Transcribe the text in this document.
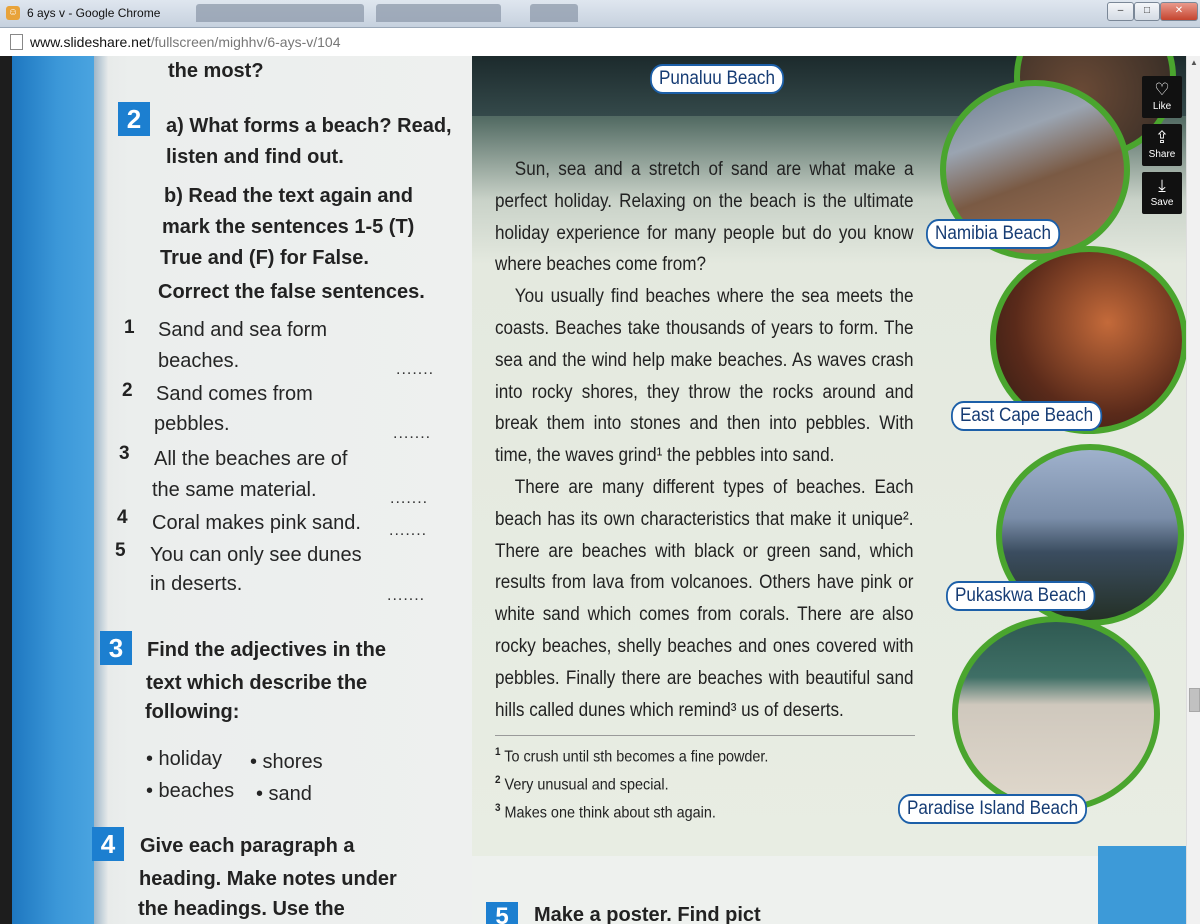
☺ 6 ays v - Google Chrome	–	□	✕
www.slideshare.net/fullscreen/mighhv/6-ays-v/104
the most?
2	a) What forms a beach? Read,
listen and find out.
b) Read the text again and
mark the sentences 1-5 (T)
True and (F) for False.
Correct the false sentences.
1 Sand and sea form
beaches.	.......
2 Sand comes from
pebbles.	.......
3 All the beaches are of
the same material.	.......
4 Coral makes pink sand. .......
5 You can only see dunes
in deserts.
.......
3	Find the adjectives in the
text which describe the
following:
• holiday • shores
• beaches • sand
4	Give each paragraph a
heading. Make notes under
the headings. Use the
Punaluu Beach
Namibia Beach
East Cape Beach
Pukaskwa Beach
Paradise Island Beach

Sun, sea and a stretch of sand are what make a perfect holiday. Relaxing on the beach is the ultimate holiday experience for many people but do you know where beaches come from?

You usually find beaches where the sea meets the coasts. Beaches take thousands of years to form. The sea and the wind help make beaches. As waves crash into rocky shores, they throw the rocks around and break them into stones and then into pebbles. With time, the waves grind¹ the pebbles into sand.

There are many different types of beaches. Each beach has its own characteristics that make it unique². There are beaches with black or green sand, which results from lava from volcanoes. Others have pink or white sand which comes from corals. There are also rocky beaches, shelly beaches and ones covered with pebbles. Finally there are beaches with beautiful sand hills called dunes which remind³ us of deserts.

$^1$ To crush until sth becomes a fine powder.
$^2$ Very unusual and special.
$^3$ Makes one think about sth again.
5	Make a poster. Find pict
♡
Like
⇪
Share
⤓
Save
▲
